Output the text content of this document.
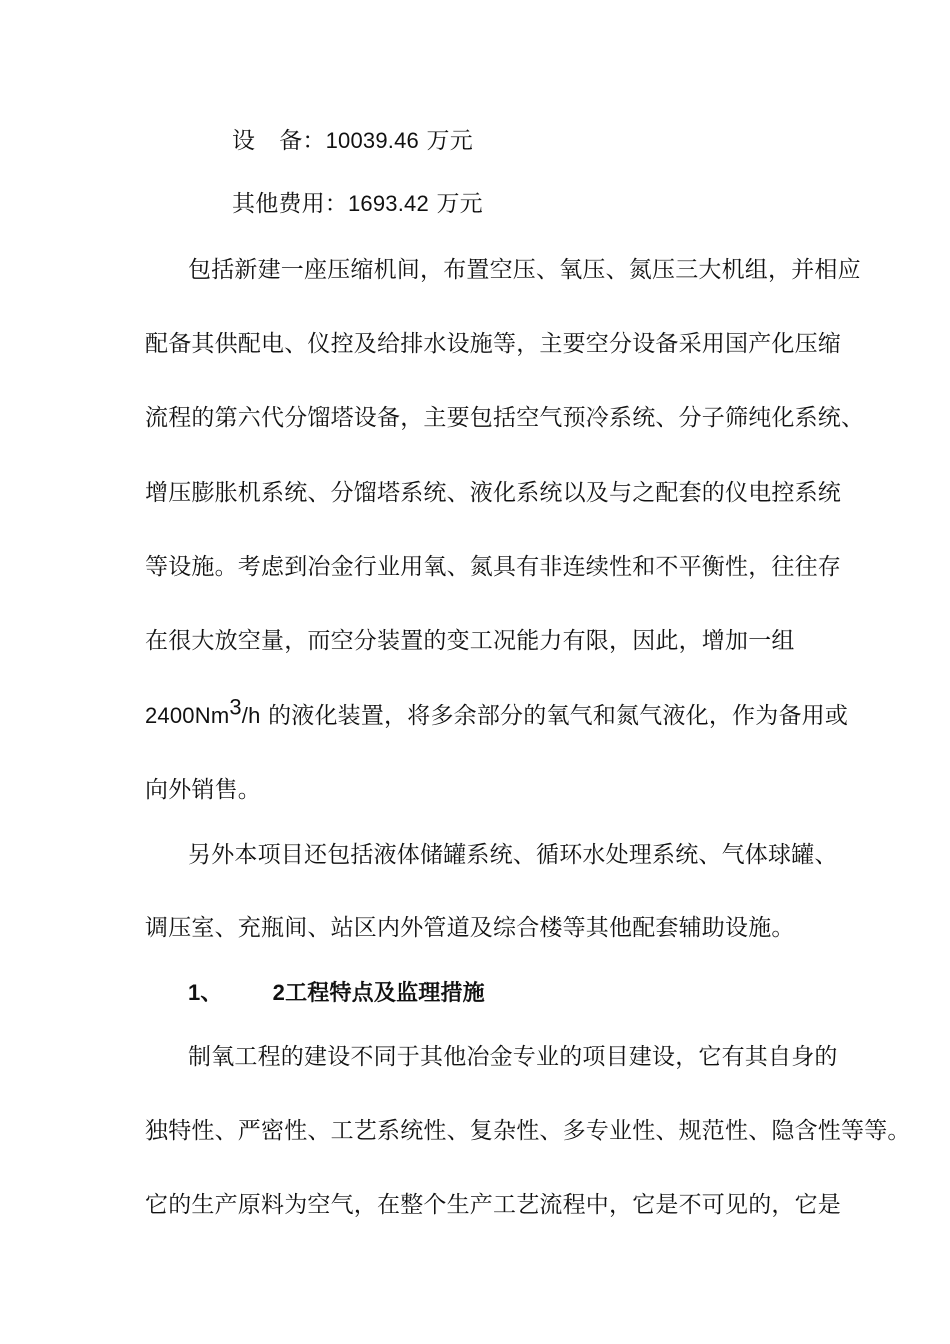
设 备：10039.46 万元
其他费用：1693.42 万元
包括新建一座压缩机间，布置空压、氧压、氮压三大机组，并相应
配备其供配电、仪控及给排水设施等，主要空分设备采用国产化压缩
流程的第六代分馏塔设备，主要包括空气预冷系统、分子筛纯化系统、
增压膨胀机系统、分馏塔系统、液化系统以及与之配套的仪电控系统
等设施。考虑到冶金行业用氧、氮具有非连续性和不平衡性，往往存
在很大放空量，而空分装置的变工况能力有限，因此，增加一组
2400Nm$^3$/h 的液化装置，将多余部分的氧气和氮气液化，作为备用或
向外销售。
另外本项目还包括液体储罐系统、循环水处理系统、气体球罐、
调压室、充瓶间、站区内外管道及综合楼等其他配套辅助设施。
1、 2工程特点及监理措施
制氧工程的建设不同于其他冶金专业的项目建设，它有其自身的
独特性、严密性、工艺系统性、复杂性、多专业性、规范性、隐含性等等。
它的生产原料为空气，在整个生产工艺流程中，它是不可见的，它是
